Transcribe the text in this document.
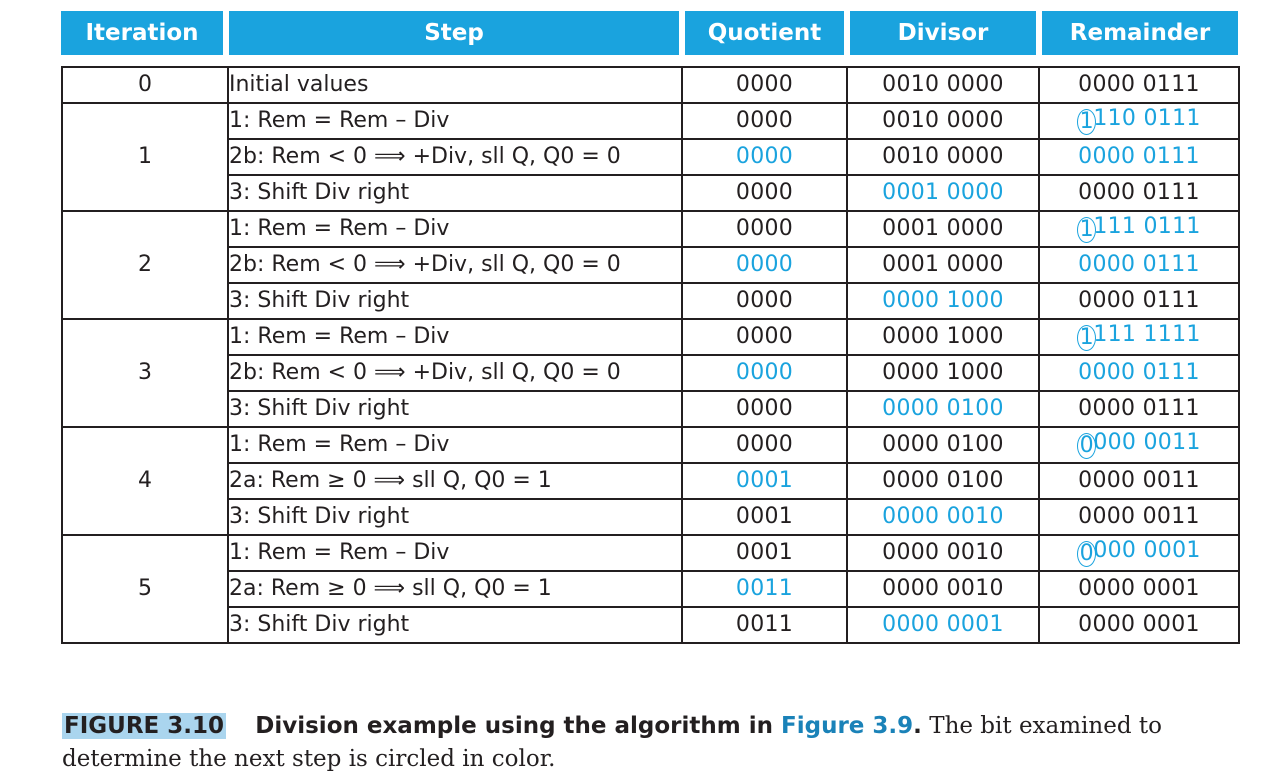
Iteration	Step	Quotient	Divisor	Remainder
0	Initial values	0000	0010 0000	0000 0111
1	1: Rem = Rem – Div	0000	0010 0000	1110 0111
	2b: Rem < 0 ⟹ +Div, sll Q, Q0 = 0	0000	0010 0000	0000 0111
	3: Shift Div right	0000	0001 0000	0000 0111
2	1: Rem = Rem – Div	0000	0001 0000	1111 0111
	2b: Rem < 0 ⟹ +Div, sll Q, Q0 = 0	0000	0001 0000	0000 0111
	3: Shift Div right	0000	0000 1000	0000 0111
3	1: Rem = Rem – Div	0000	0000 1000	1111 1111
	2b: Rem < 0 ⟹ +Div, sll Q, Q0 = 0	0000	0000 1000	0000 0111
	3: Shift Div right	0000	0000 0100	0000 0111
4	1: Rem = Rem – Div	0000	0000 0100	0000 0011
	2a: Rem ≥ 0 ⟹ sll Q, Q0 = 1	0001	0000 0100	0000 0011
	3: Shift Div right	0001	0000 0010	0000 0011
5	1: Rem = Rem – Div	0001	0000 0010	0000 0001
	2a: Rem ≥ 0 ⟹ sll Q, Q0 = 1	0011	0000 0010	0000 0001
	3: Shift Div right	0011	0000 0001	0000 0001
FIGURE 3.10 Division example using the algorithm in Figure 3.9. The bit examined to determine the next step is circled in color.
